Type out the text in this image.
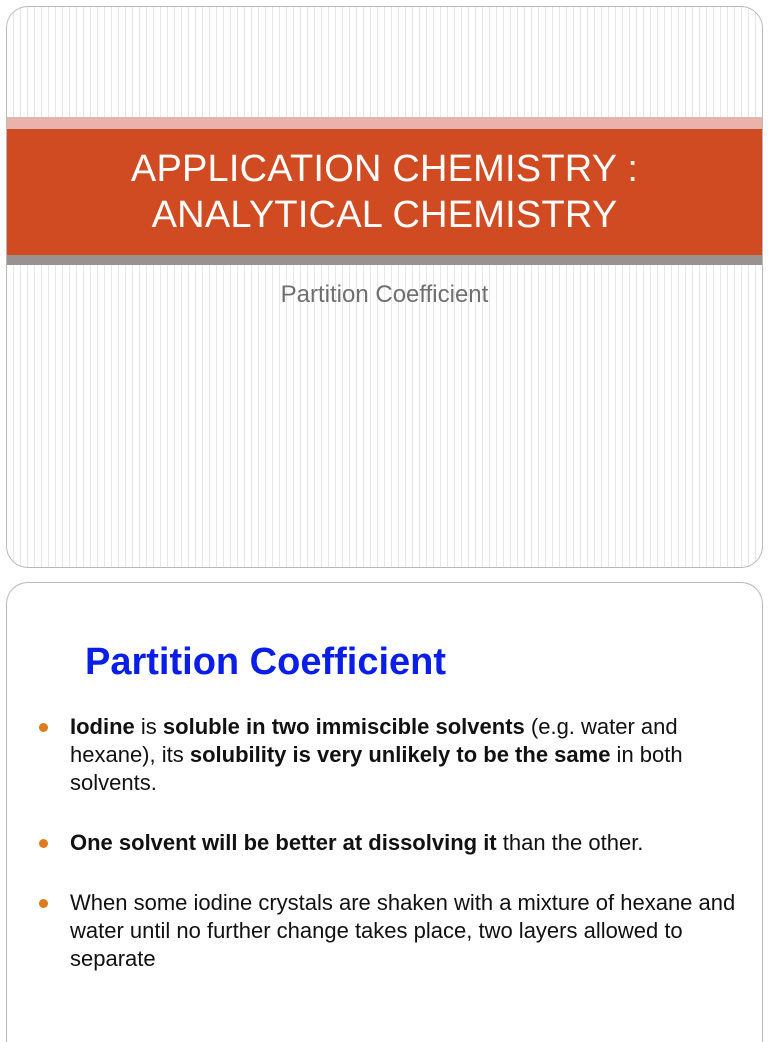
APPLICATION CHEMISTRY :
ANALYTICAL CHEMISTRY
Partition Coefficient
Partition Coefficient
Iodine is soluble in two immiscible solvents (e.g. water and hexane), its solubility is very unlikely to be the same in both solvents.
One solvent will be better at dissolving it than the other.
When some iodine crystals are shaken with a mixture of hexane and water until no further change takes place, two layers allowed to separate
